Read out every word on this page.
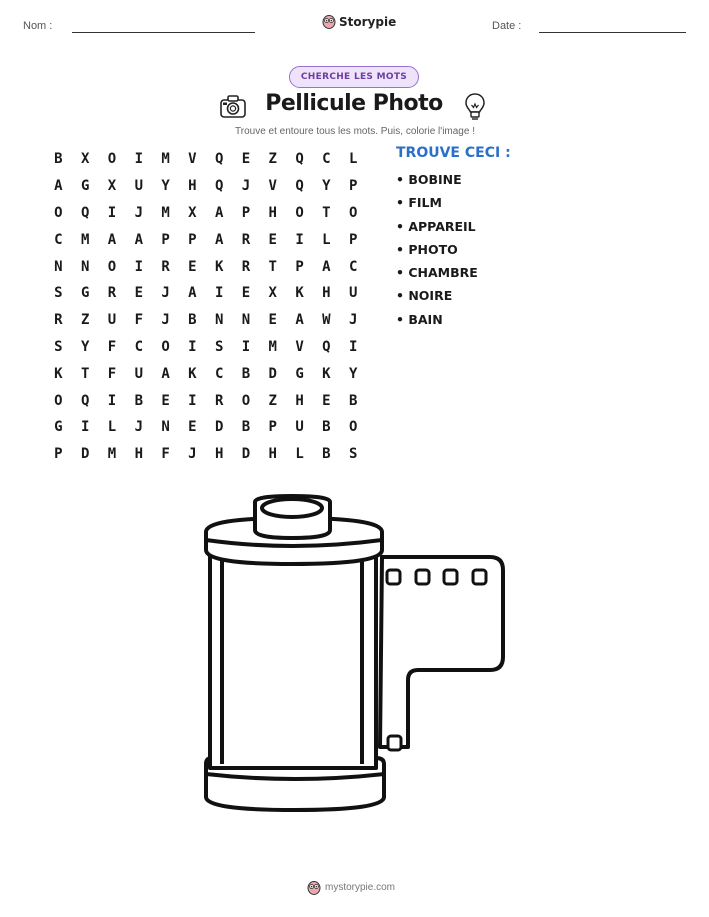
Nom :	Storypie	Date :
CHERCHE LES MOTS
Pellicule Photo
Trouve et entoure tous les mots. Puis, colorie l'image !
B	X	O	I	M	V	Q	E	Z	Q	C	L
A	G	X	U	Y	H	Q	J	V	Q	Y	P
O	Q	I	J	M	X	A	P	H	O	T	O
C	M	A	A	P	P	A	R	E	I	L	P
N	N	O	I	R	E	K	R	T	P	A	C
S	G	R	E	J	A	I	E	X	K	H	U
R	Z	U	F	J	B	N	N	E	A	W	J
S	Y	F	C	O	I	S	I	M	V	Q	I
K	T	F	U	A	K	C	B	D	G	K	Y
O	Q	I	B	E	I	R	O	Z	H	E	B
G	I	L	J	N	E	D	B	P	U	B	O
P	D	M	H	F	J	H	D	H	L	B	S
TROUVE CECI :
• BOBINE
• FILM
• APPAREIL
• PHOTO
• CHAMBRE
• NOIRE
• BAIN
mystorypie.com
